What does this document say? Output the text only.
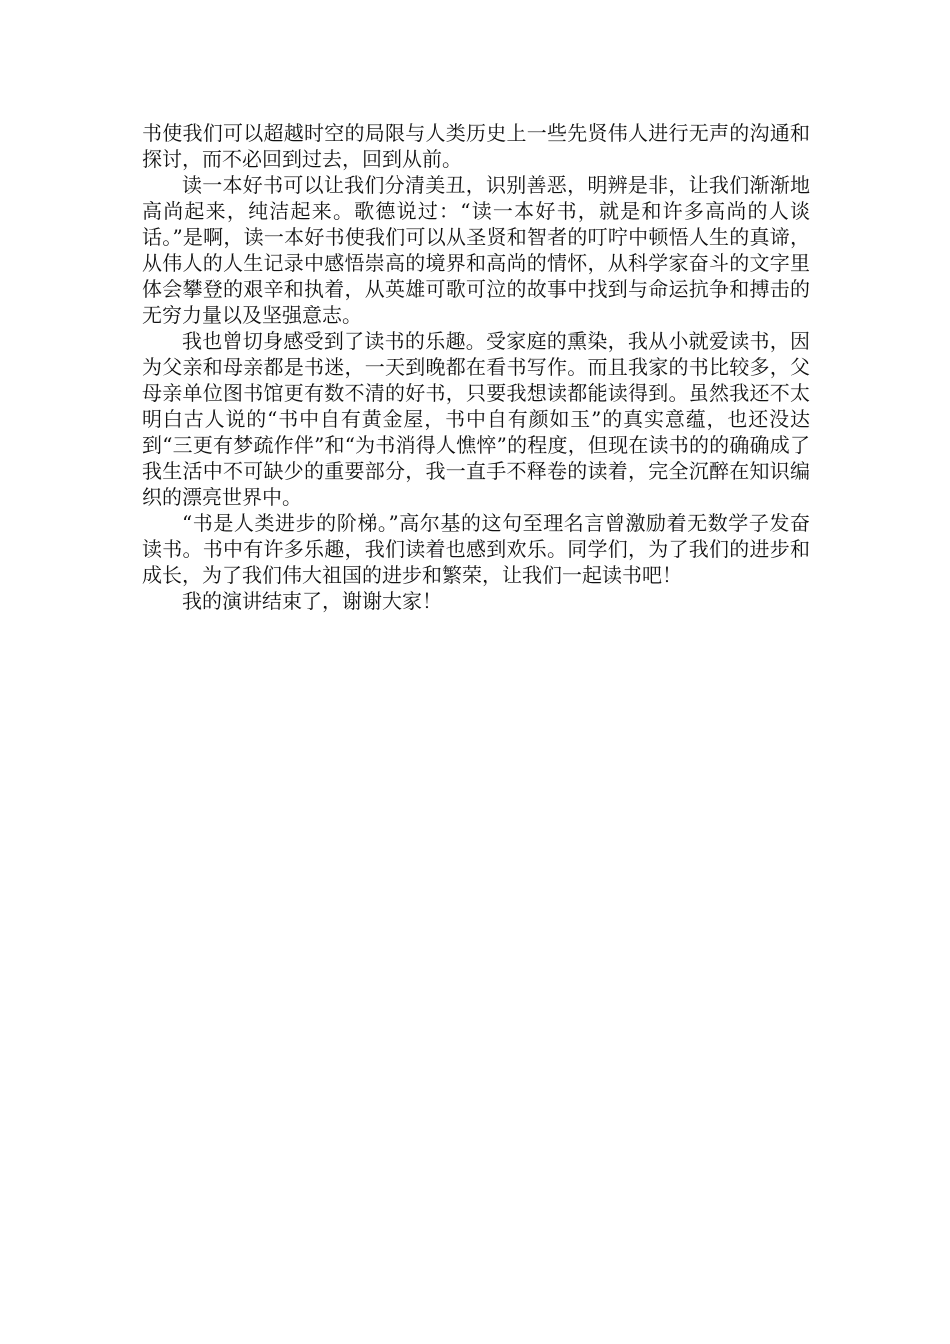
书使我们可以超越时空的局限与人类历史上一些先贤伟人进行无声的沟通和探讨，而不必回到过去，回到从前。

读一本好书可以让我们分清美丑，识别善恶，明辨是非，让我们渐渐地高尚起来，纯洁起来。歌德说过：“读一本好书，就是和许多高尚的人谈话。”是啊，读一本好书使我们可以从圣贤和智者的叮咛中顿悟人生的真谛，从伟人的人生记录中感悟崇高的境界和高尚的情怀，从科学家奋斗的文字里体会攀登的艰辛和执着，从英雄可歌可泣的故事中找到与命运抗争和搏击的无穷力量以及坚强意志。

我也曾切身感受到了读书的乐趣。受家庭的熏染，我从小就爱读书，因为父亲和母亲都是书迷，一天到晚都在看书写作。而且我家的书比较多，父母亲单位图书馆更有数不清的好书，只要我想读都能读得到。虽然我还不太明白古人说的“书中自有黄金屋，书中自有颜如玉”的真实意蕴，也还没达到“三更有梦疏作伴”和“为书消得人憔悴”的程度，但现在读书的的确确成了我生活中不可缺少的重要部分，我一直手不释卷的读着，完全沉醉在知识编织的漂亮世界中。

“书是人类进步的阶梯。”高尔基的这句至理名言曾激励着无数学子发奋读书。书中有许多乐趣，我们读着也感到欢乐。同学们，为了我们的进步和成长，为了我们伟大祖国的进步和繁荣，让我们一起读书吧！

我的演讲结束了，谢谢大家！
